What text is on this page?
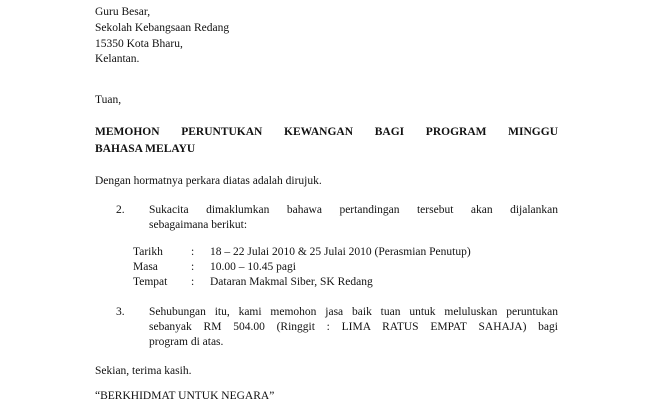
Guru Besar,
Sekolah Kebangsaan Redang
15350 Kota Bharu,
Kelantan.
Tuan,
MEMOHON PERUNTUKAN KEWANGAN BAGI PROGRAM MINGGU
BAHASA MELAYU
Dengan hormatnya perkara diatas adalah dirujuk.
2. Sukacita dimaklumkan bahawa pertandingan tersebut akan dijalankan
sebagaimana berikut:
Tarikh : 18 – 22 Julai 2010 & 25 Julai 2010 (Perasmian Penutup)
Masa	: 10.00 – 10.45 pagi
Tempat : Dataran Makmal Siber, SK Redang
3. Sehubungan itu, kami memohon jasa baik tuan untuk meluluskan peruntukan
sebanyak RM 504.00 (Ringgit : LIMA RATUS EMPAT SAHAJA) bagi
program di atas.
Sekian, terima kasih.
“BERKHIDMAT UNTUK NEGARA”
